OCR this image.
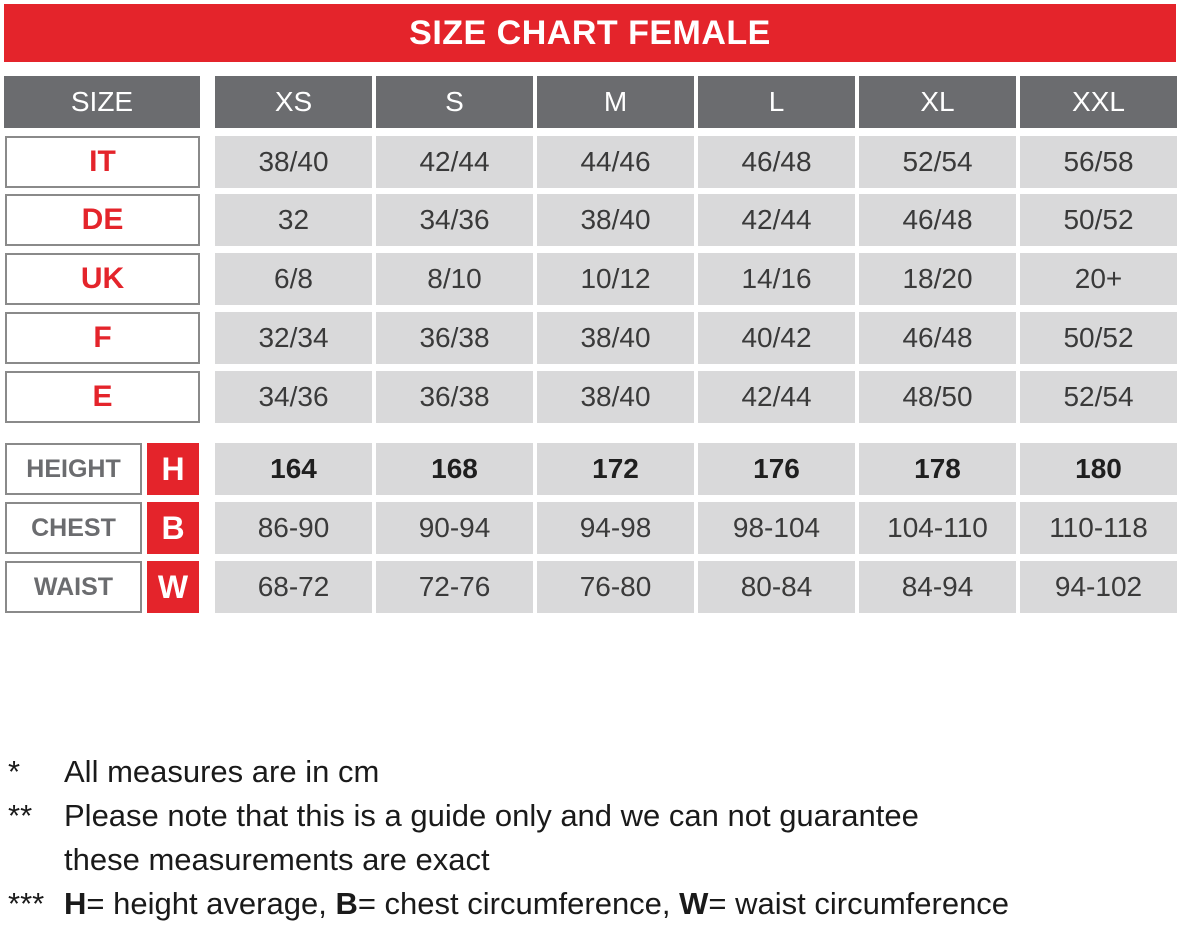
SIZE CHART FEMALE
SIZE	XS	S	M	L	XL	XXL
IT	38/40	42/44	44/46	46/48	52/54	56/58
DE	32	34/36	38/40	42/44	46/48	50/52
UK	6/8	8/10	10/12	14/16	18/20	20+
F	32/34	36/38	38/40	40/42	46/48	50/52
E	34/36	36/38	38/40	42/44	48/50	52/54
HEIGHT	H	164	168	172	176	178	180
CHEST	B	86-90	90-94	94-98	98-104	104-110	110-118
WAIST	W	68-72	72-76	76-80	80-84	84-94	94-102
*	All measures are in cm
**	Please note that this is a guide only and we can not guarantee
these measurements are exact
*** H= height average, B= chest circumference, W= waist circumference
